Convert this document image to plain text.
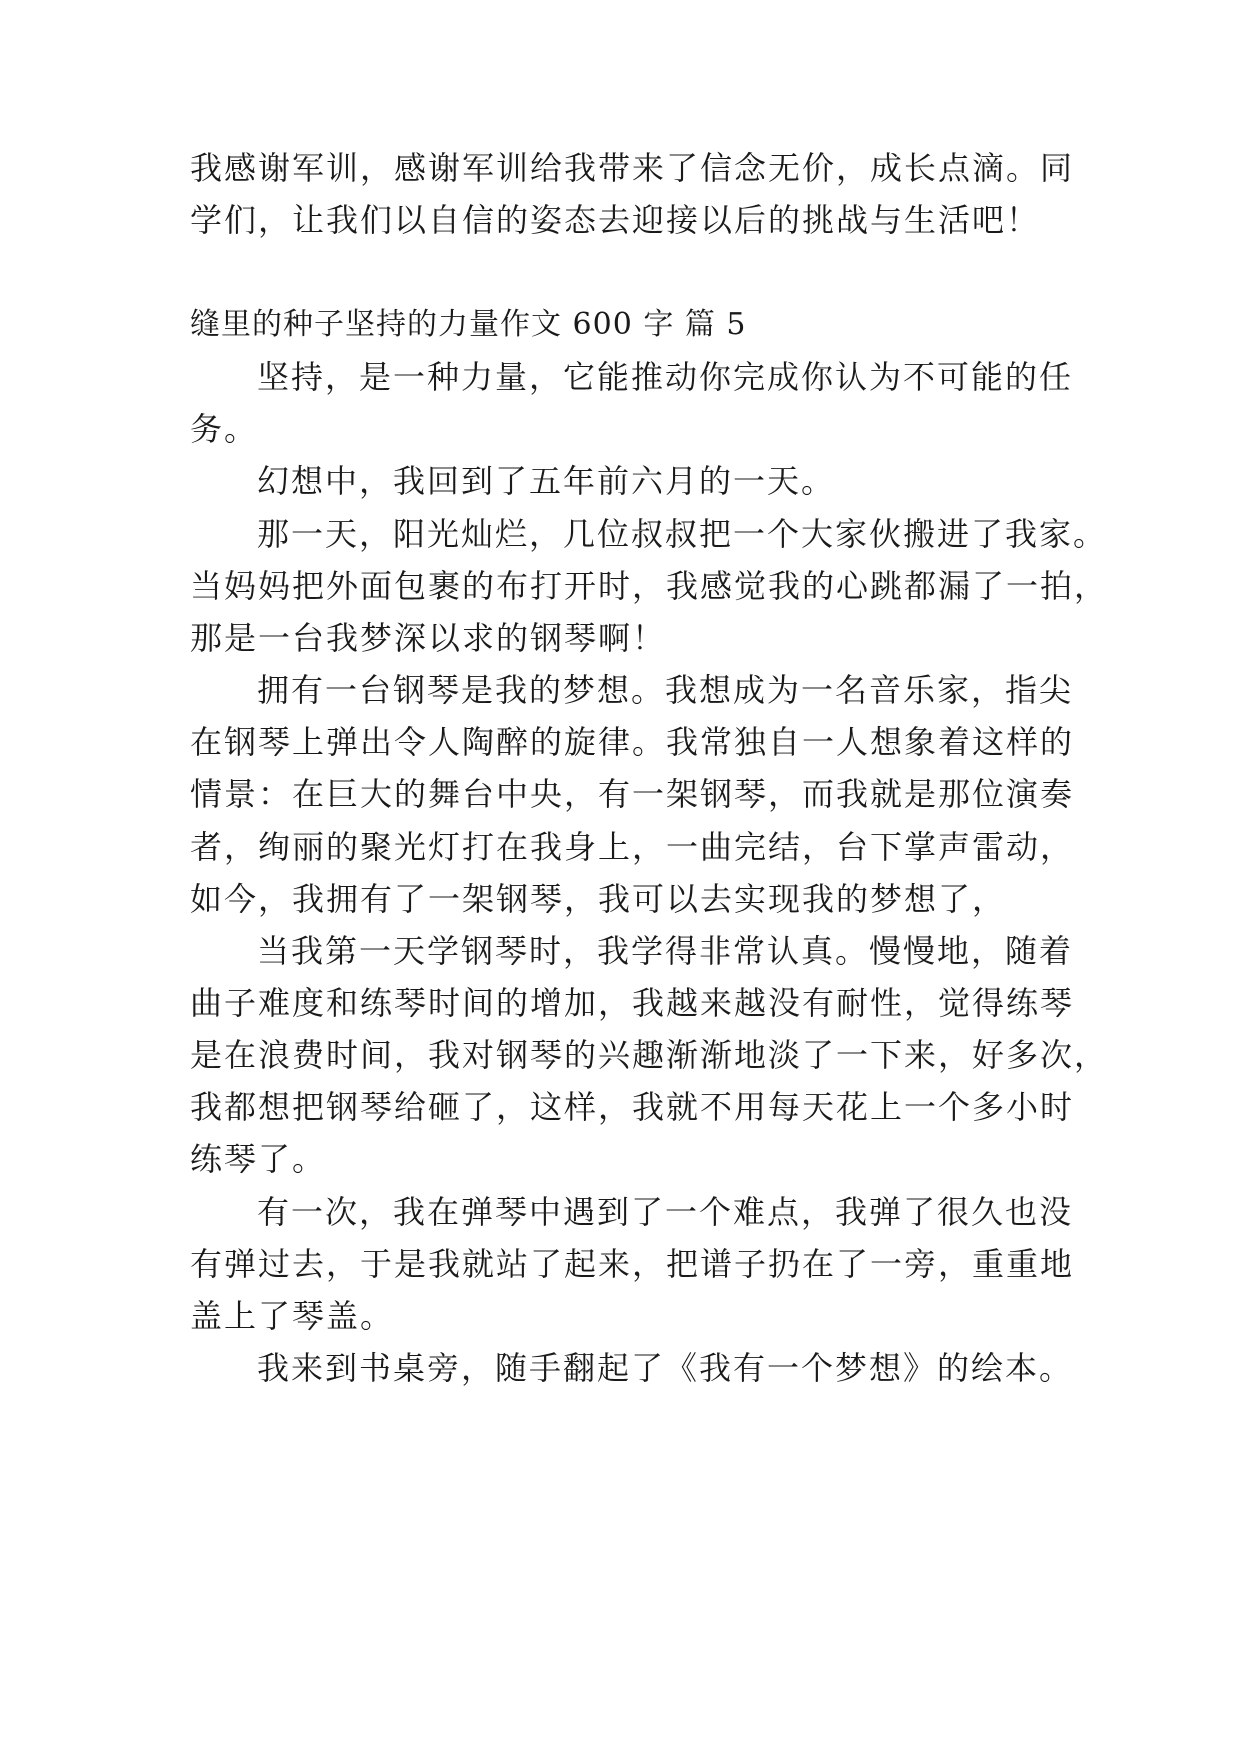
我感谢军训，感谢军训给我带来了信念无价，成长点滴。同
学们，让我们以自信的姿态去迎接以后的挑战与生活吧！
缝里的种子坚持的力量作文 600 字 篇 5
坚持，是一种力量，它能推动你完成你认为不可能的任
务。
幻想中，我回到了五年前六月的一天。
那一天，阳光灿烂，几位叔叔把一个大家伙搬进了我家。
当妈妈把外面包裹的布打开时，我感觉我的心跳都漏了一拍，
那是一台我梦深以求的钢琴啊！
拥有一台钢琴是我的梦想。我想成为一名音乐家，指尖
在钢琴上弹出令人陶醉的旋律。我常独自一人想象着这样的
情景：在巨大的舞台中央，有一架钢琴，而我就是那位演奏
者，绚丽的聚光灯打在我身上，一曲完结，台下掌声雷动，
如今，我拥有了一架钢琴，我可以去实现我的梦想了，
当我第一天学钢琴时，我学得非常认真。慢慢地，随着
曲子难度和练琴时间的增加，我越来越没有耐性，觉得练琴
是在浪费时间，我对钢琴的兴趣渐渐地淡了一下来，好多次，
我都想把钢琴给砸了，这样，我就不用每天花上一个多小时
练琴了。
有一次，我在弹琴中遇到了一个难点，我弹了很久也没
有弹过去，于是我就站了起来，把谱子扔在了一旁，重重地
盖上了琴盖。
我来到书桌旁，随手翻起了《我有一个梦想》的绘本。
